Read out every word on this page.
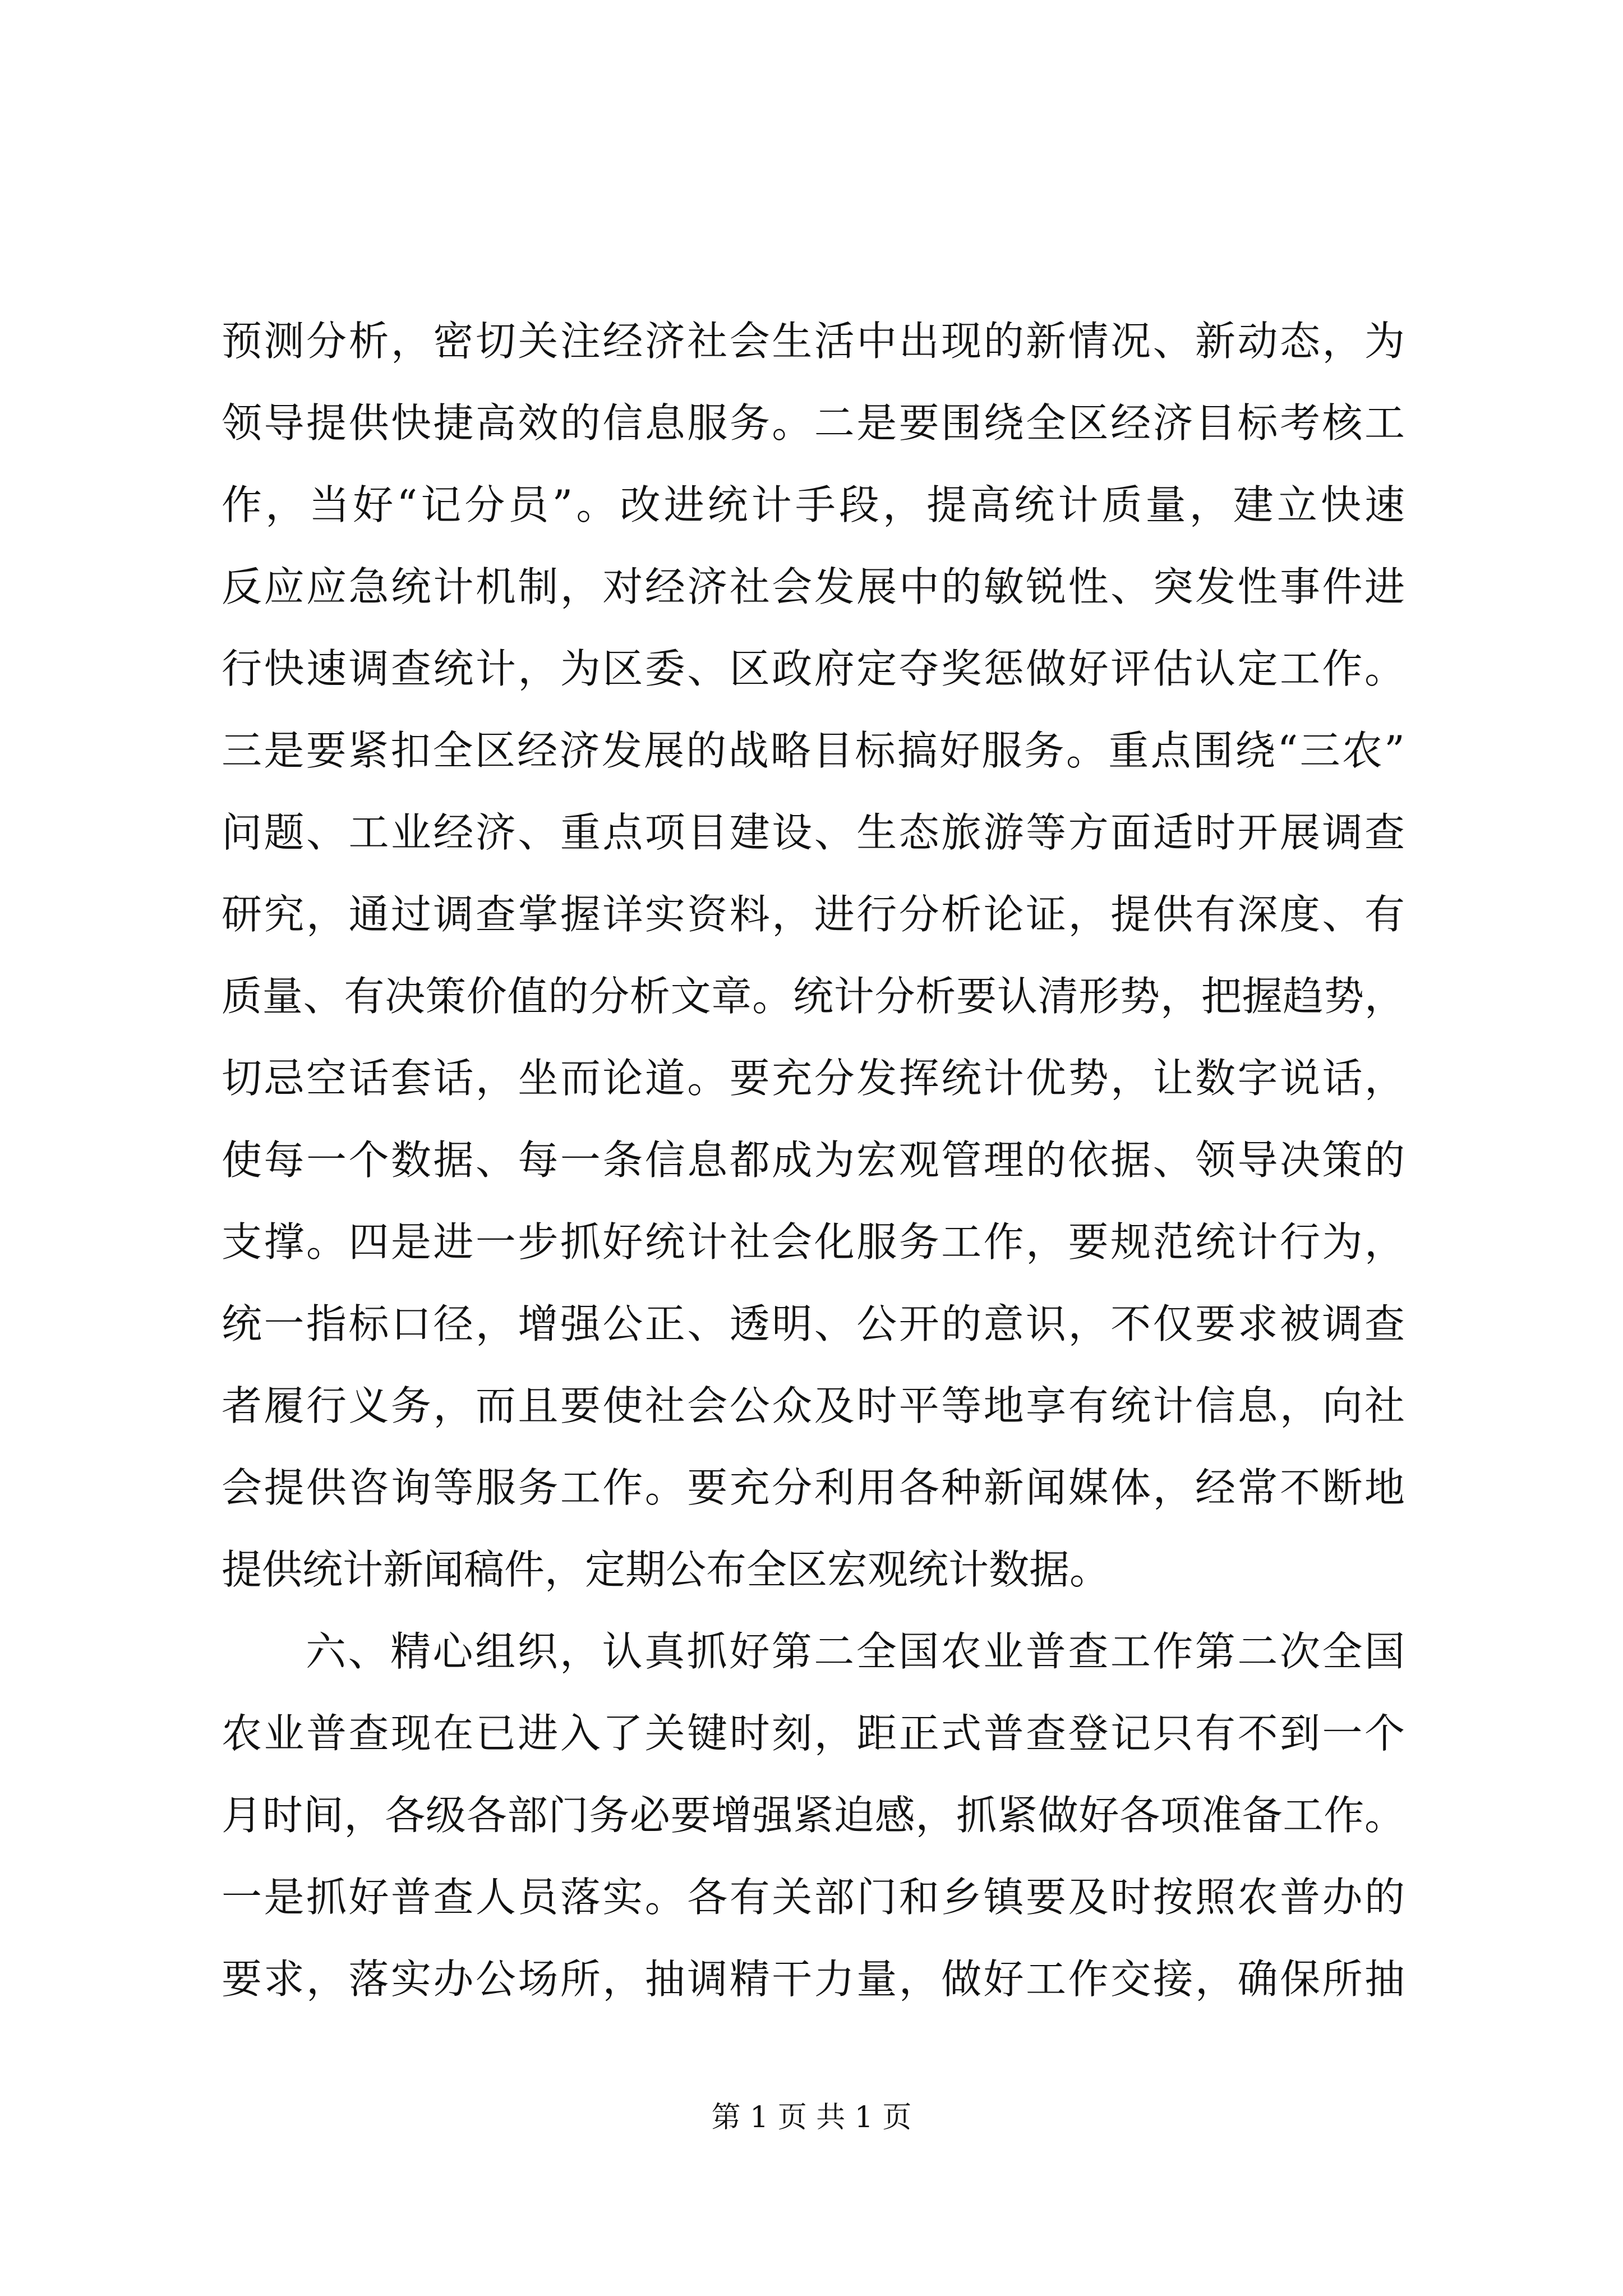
预测分析，密切关注经济社会生活中出现的新情况、新动态，为
领导提供快捷高效的信息服务。二是要围绕全区经济目标考核工
作，当好“记分员”。改进统计手段，提高统计质量，建立快速
反应应急统计机制，对经济社会发展中的敏锐性、突发性事件进
行快速调查统计，为区委、区政府定夺奖惩做好评估认定工作。
三是要紧扣全区经济发展的战略目标搞好服务。重点围绕“三农”
问题、工业经济、重点项目建设、生态旅游等方面适时开展调查
研究，通过调查掌握详实资料，进行分析论证，提供有深度、有
质量、有决策价值的分析文章。统计分析要认清形势，把握趋势，
切忌空话套话，坐而论道。要充分发挥统计优势，让数字说话，
使每一个数据、每一条信息都成为宏观管理的依据、领导决策的
支撑。四是进一步抓好统计社会化服务工作，要规范统计行为，
统一指标口径，增强公正、透明、公开的意识，不仅要求被调查
者履行义务，而且要使社会公众及时平等地享有统计信息，向社
会提供咨询等服务工作。要充分利用各种新闻媒体，经常不断地
提供统计新闻稿件，定期公布全区宏观统计数据。
六、精心组织，认真抓好第二全国农业普查工作第二次全国
农业普查现在已进入了关键时刻，距正式普查登记只有不到一个
月时间，各级各部门务必要增强紧迫感，抓紧做好各项准备工作。
一是抓好普查人员落实。各有关部门和乡镇要及时按照农普办的
要求，落实办公场所，抽调精干力量，做好工作交接，确保所抽
第 1 页 共 1 页
